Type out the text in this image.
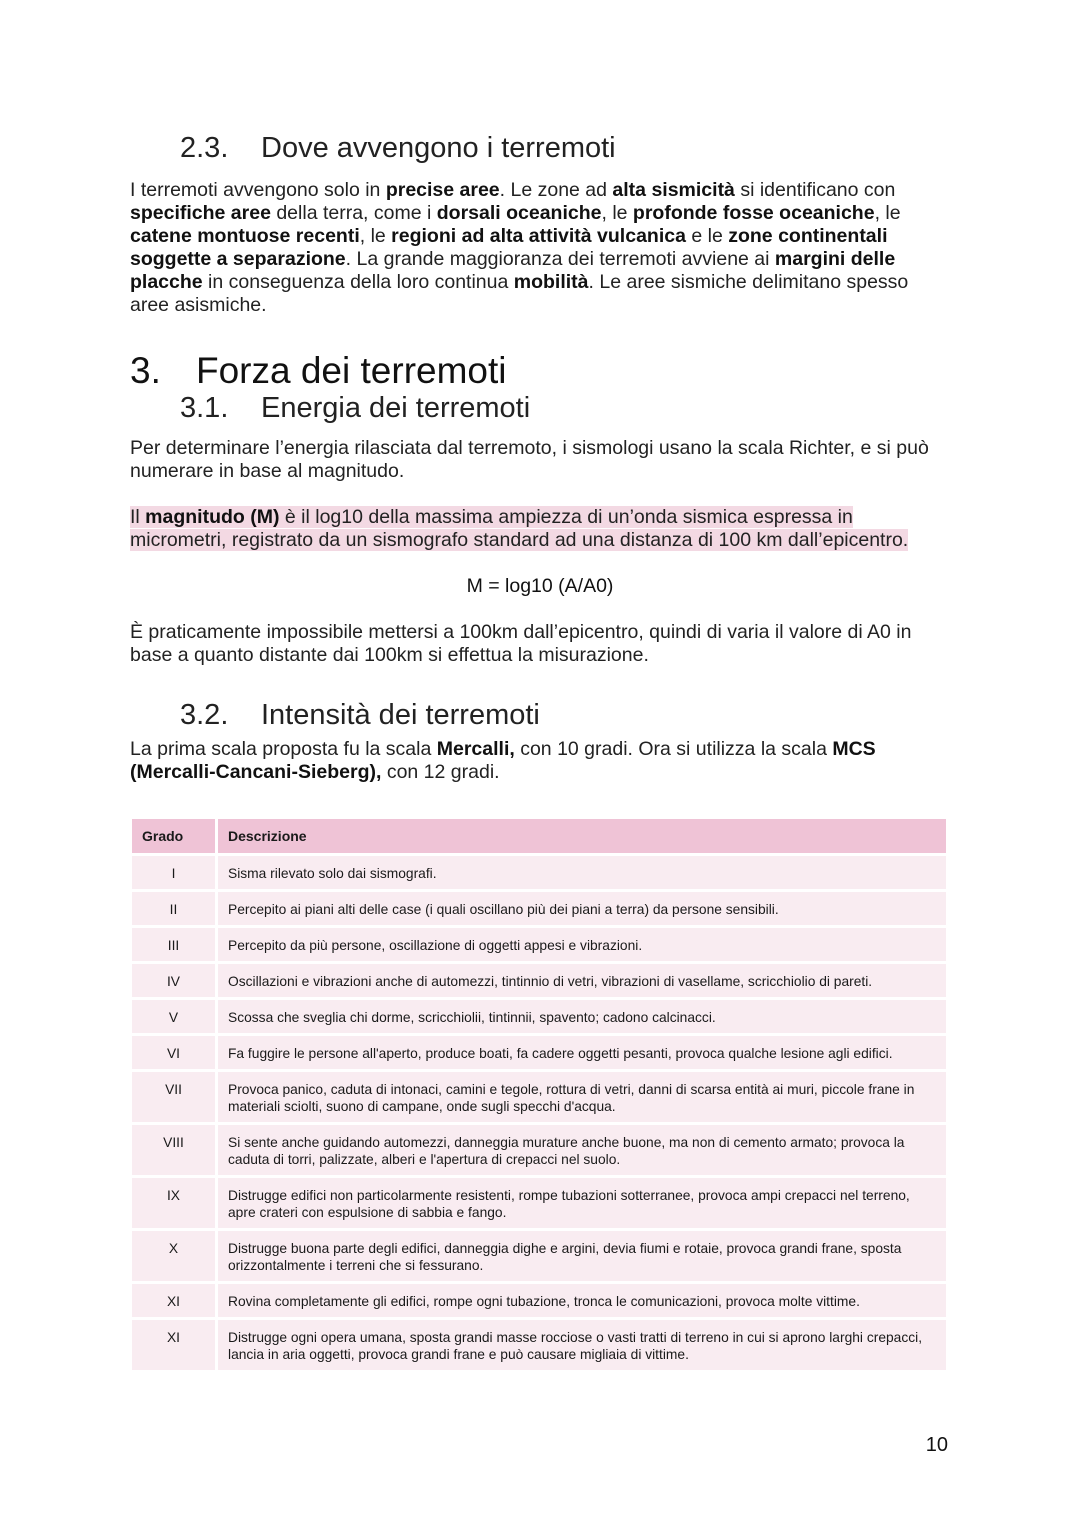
2.3. Dove avvengono i terremoti

I terremoti avvengono solo in precise aree. Le zone ad alta sismicità si identificano con specifiche aree della terra, come i dorsali oceaniche, le profonde fosse oceaniche, le catene montuose recenti, le regioni ad alta attività vulcanica e le zone continentali soggette a separazione. La grande maggioranza dei terremoti avviene ai margini delle placche in conseguenza della loro continua mobilità. Le aree sismiche delimitano spesso aree asismiche.

3. Forza dei terremoti
3.1. Energia dei terremoti

Per determinare l’energia rilasciata dal terremoto, i sismologi usano la scala Richter, e si può numerare in base al magnitudo.

Il magnitudo (M) è il log10 della massima ampiezza di un’onda sismica espressa in micrometri, registrato da un sismografo standard ad una distanza di 100 km dall’epicentro.

M = log10 (A/A0)

È praticamente impossibile mettersi a 100km dall’epicentro, quindi di varia il valore di A0 in base a quanto distante dai 100km si effettua la misurazione.

3.2. Intensità dei terremoti

La prima scala proposta fu la scala Mercalli, con 10 gradi. Ora si utilizza la scala MCS (Mercalli-Cancani-Sieberg), con 12 gradi.

Grado	Descrizione
I	Sisma rilevato solo dai sismografi.
II	Percepito ai piani alti delle case (i quali oscillano più dei piani a terra) da persone sensibili.
III	Percepito da più persone, oscillazione di oggetti appesi e vibrazioni.
IV	Oscillazioni e vibrazioni anche di automezzi, tintinnio di vetri, vibrazioni di vasellame, scricchiolio di pareti.
V	Scossa che sveglia chi dorme, scricchiolii, tintinnii, spavento; cadono calcinacci.
VI	Fa fuggire le persone all'aperto, produce boati, fa cadere oggetti pesanti, provoca qualche lesione agli edifici.
VII	Provoca panico, caduta di intonaci, camini e tegole, rottura di vetri, danni di scarsa entità ai muri, piccole frane in materiali sciolti, suono di campane, onde sugli specchi d'acqua.
VIII	Si sente anche guidando automezzi, danneggia murature anche buone, ma non di cemento armato; provoca la caduta di torri, palizzate, alberi e l'apertura di crepacci nel suolo.
IX	Distrugge edifici non particolarmente resistenti, rompe tubazioni sotterranee, provoca ampi crepacci nel terreno, apre crateri con espulsione di sabbia e fango.
X	Distrugge buona parte degli edifici, danneggia dighe e argini, devia fiumi e rotaie, provoca grandi frane, sposta orizzontalmente i terreni che si fessurano.
XI	Rovina completamente gli edifici, rompe ogni tubazione, tronca le comunicazioni, provoca molte vittime.
XI	Distrugge ogni opera umana, sposta grandi masse rocciose o vasti tratti di terreno in cui si aprono larghi crepacci, lancia in aria oggetti, provoca grandi frane e può causare migliaia di vittime.
10
